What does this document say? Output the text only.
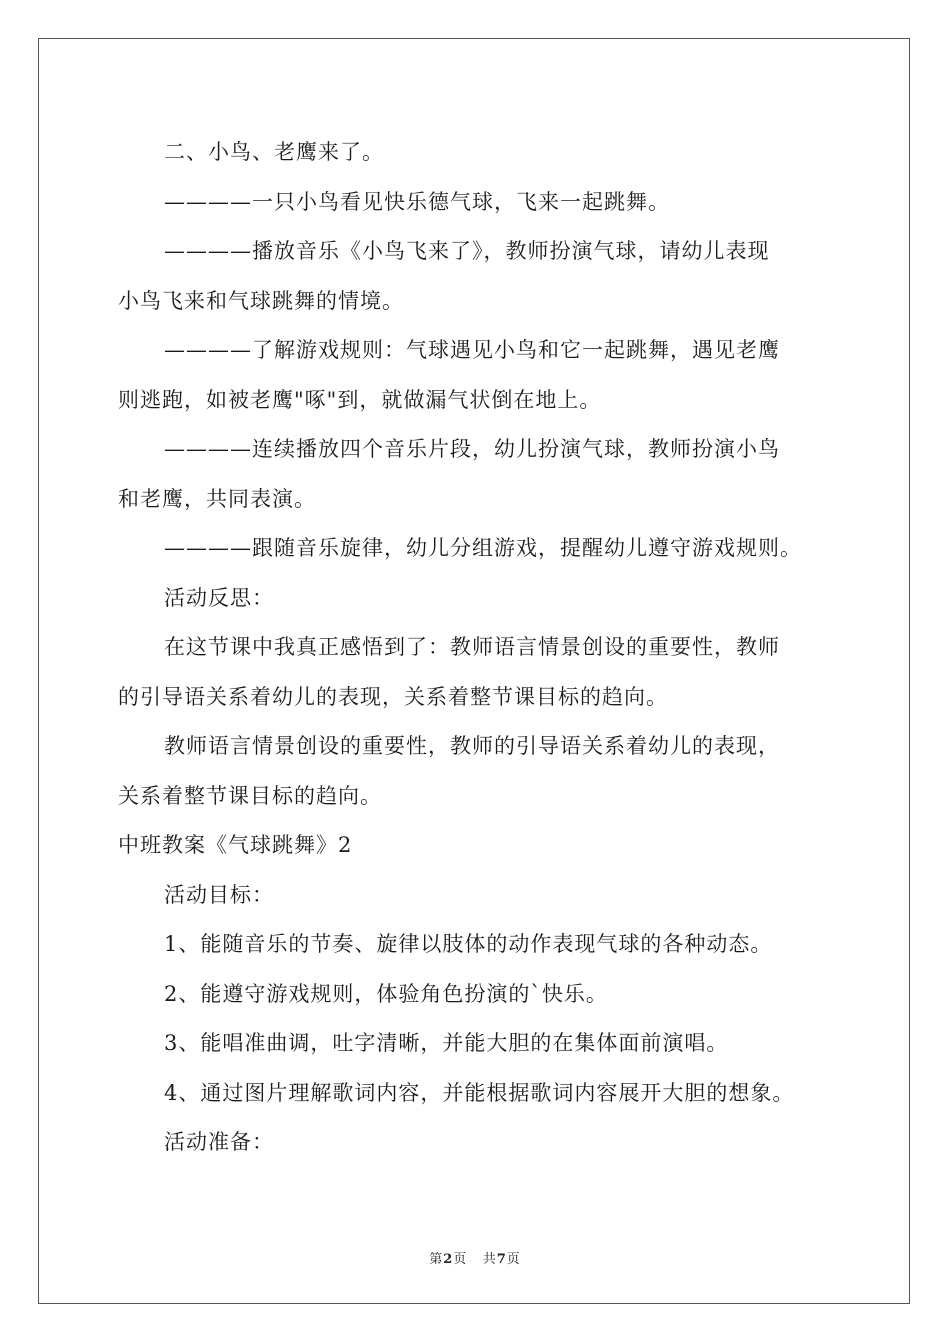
二、小鸟、老鹰来了。
————一只小鸟看见快乐德气球，飞来一起跳舞。
————播放音乐《小鸟飞来了》，教师扮演气球，请幼儿表现
小鸟飞来和气球跳舞的情境。
————了解游戏规则：气球遇见小鸟和它一起跳舞，遇见老鹰
则逃跑，如被老鹰"啄"到，就做漏气状倒在地上。
————连续播放四个音乐片段，幼儿扮演气球，教师扮演小鸟
和老鹰，共同表演。
————跟随音乐旋律，幼儿分组游戏，提醒幼儿遵守游戏规则。
活动反思：
在这节课中我真正感悟到了：教师语言情景创设的重要性，教师
的引导语关系着幼儿的表现，关系着整节课目标的趋向。
教师语言情景创设的重要性，教师的引导语关系着幼儿的表现，
关系着整节课目标的趋向。
中班教案《气球跳舞》2
活动目标：
1、能随音乐的节奏、旋律以肢体的动作表现气球的各种动态。
2、能遵守游戏规则，体验角色扮演的`快乐。
3、能唱准曲调，吐字清晰，并能大胆的在集体面前演唱。
4、通过图片理解歌词内容，并能根据歌词内容展开大胆的想象。
活动准备：
第2页 共7页
